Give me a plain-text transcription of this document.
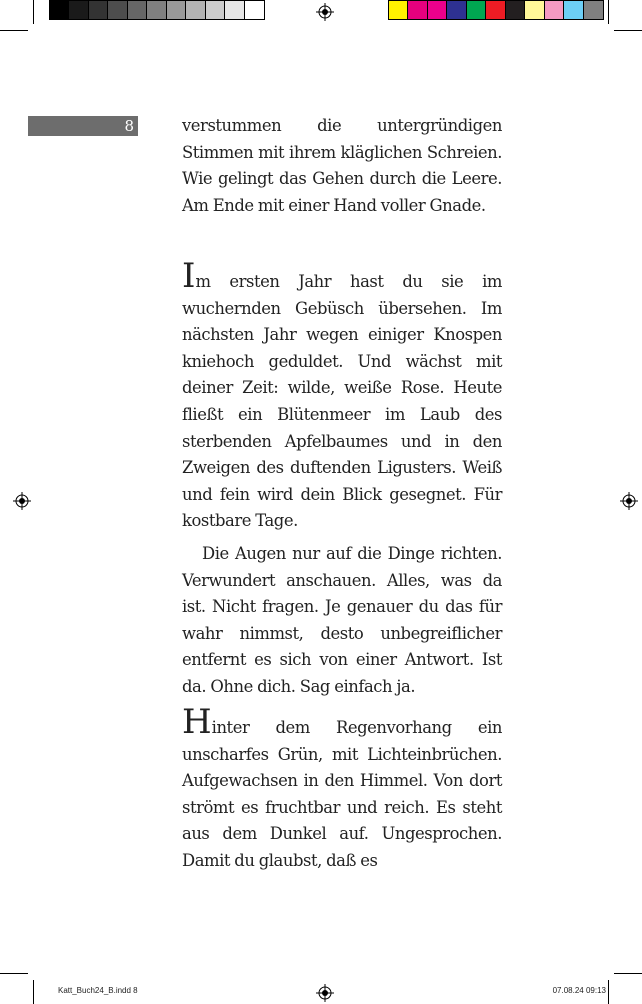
8	verstummen die untergründigen Stimmen mit ihrem kläglichen Schreien. Wie gelingt das Gehen durch die Leere. Am Ende mit einer Hand voller Gnade.

Im ersten Jahr hast du sie im wuchernden Gebüsch übersehen. Im nächsten Jahr wegen einiger Knospen kniehoch geduldet. Und wächst mit deiner Zeit: wilde, weiße Rose. Heute fließt ein Blütenmeer im Laub des sterbenden Apfelbaumes und in den Zweigen des duftenden Ligusters. Weiß und fein wird dein Blick gesegnet. Für kostbare Tage.

Die Augen nur auf die Dinge richten. Verwundert anschauen. Alles, was da ist. Nicht fragen. Je genauer du das für wahr nimmst, desto unbegreiflicher entfernt es sich von einer Antwort. Ist da. Ohne dich. Sag einfach ja.

Hinter dem Regenvorhang ein unscharfes Grün, mit Lichteinbrüchen. Aufgewachsen in den Himmel. Von dort strömt es fruchtbar und reich. Es steht aus dem Dunkel auf. Ungesprochen. Damit du glaubst, daß es

Katt_Buch24_B.indd 8	07.08.24 09:13
